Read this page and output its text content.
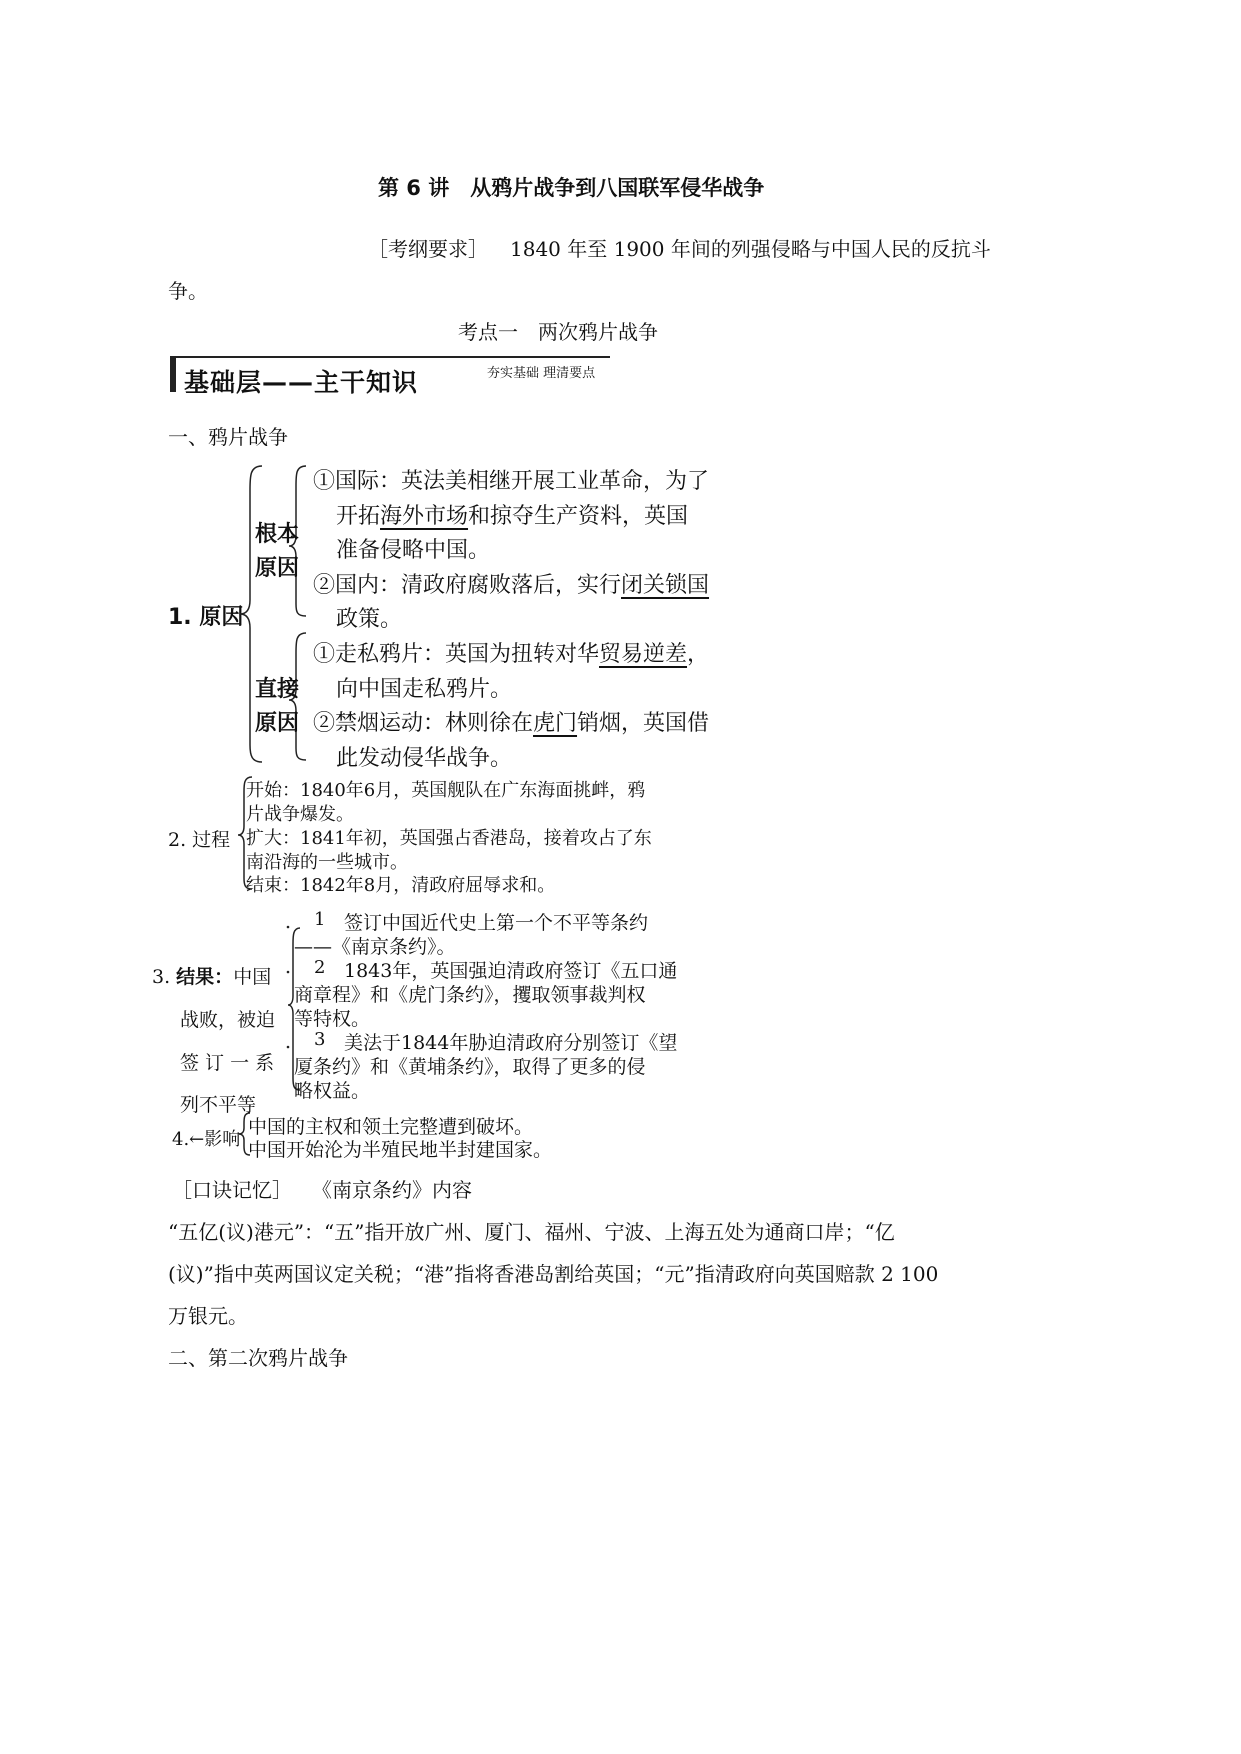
第 6 讲　从鸦片战争到八国联军侵华战争
［考纲要求］ 1840 年至 1900 年间的列强侵略与中国人民的反抗斗
争。
考点一　两次鸦片战争
基础层——主干知识	夯实基础 理清要点
一、鸦片战争
1. 原因
根本
原因
①国际：英法美相继开展工业革命，为了
开拓海外市场和掠夺生产资料，英国
准备侵略中国。
②国内：清政府腐败落后，实行闭关锁国
政策。
直接
原因
①走私鸦片：英国为扭转对华贸易逆差，
向中国走私鸦片。
②禁烟运动：林则徐在虎门销烟，英国借
此发动侵华战争。
2. 过程
开始：1840年6月，英国舰队在广东海面挑衅，鸦
片战争爆发。
扩大：1841年初，英国强占香港岛，接着攻占了东
南沿海的一些城市。
结束：1842年8月，清政府屈辱求和。
3. 结果：中国
战败，被迫
签 订 一 系
列不平等
1 签订中国近代史上第一个不平等条约
——《南京条约》。
2 1843年，英国强迫清政府签订《五口通
商章程》和《虎门条约》，攫取领事裁判权
等特权。
3 美法于1844年胁迫清政府分别签订《望
厦条约》和《黄埔条约》，取得了更多的侵
略权益。
4.←影响
中国的主权和领土完整遭到破坏。
中国开始沦为半殖民地半封建国家。
［口诀记忆］ 《南京条约》内容
“五亿(议)港元”：“五”指开放广州、厦门、福州、宁波、上海五处为通商口岸；“亿
(议)”指中英两国议定关税；“港”指将香港岛割给英国；“元”指清政府向英国赔款 2 100
万银元。
二、第二次鸦片战争
